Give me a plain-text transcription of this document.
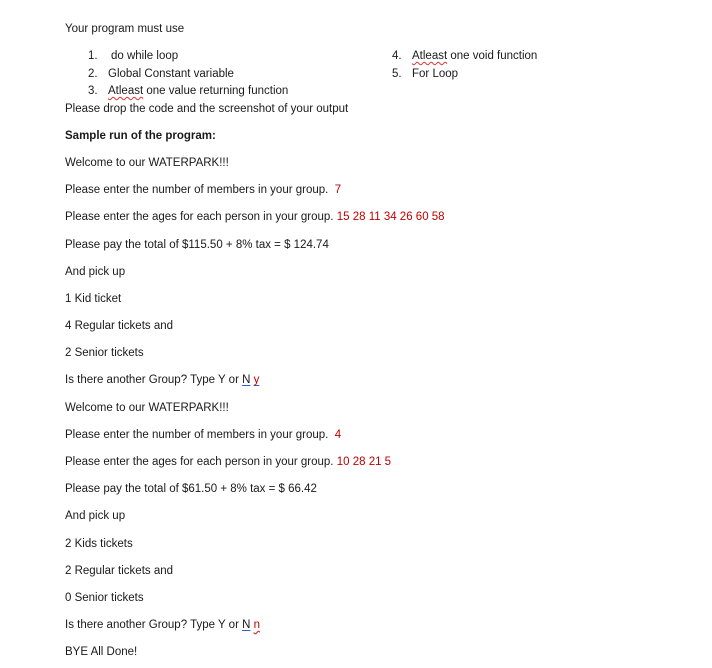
Your program must use
1. do while loop
2. Global Constant variable
3. Atleast one value returning function
4. Atleast one void function
5. For Loop
Please drop the code and the screenshot of your output
Sample run of the program:
Welcome to our WATERPARK!!!
Please enter the number of members in your group. 7
Please enter the ages for each person in your group. 15 28 11 34 26 60 58
Please pay the total of $115.50 + 8% tax = $ 124.74
And pick up
1 Kid ticket
4 Regular tickets and
2 Senior tickets
Is there another Group? Type Y or N y
Welcome to our WATERPARK!!!
Please enter the number of members in your group. 4
Please enter the ages for each person in your group. 10 28 21 5
Please pay the total of $61.50 + 8% tax = $ 66.42
And pick up
2 Kids tickets
2 Regular tickets and
0 Senior tickets
Is there another Group? Type Y or N n
BYE All Done!
